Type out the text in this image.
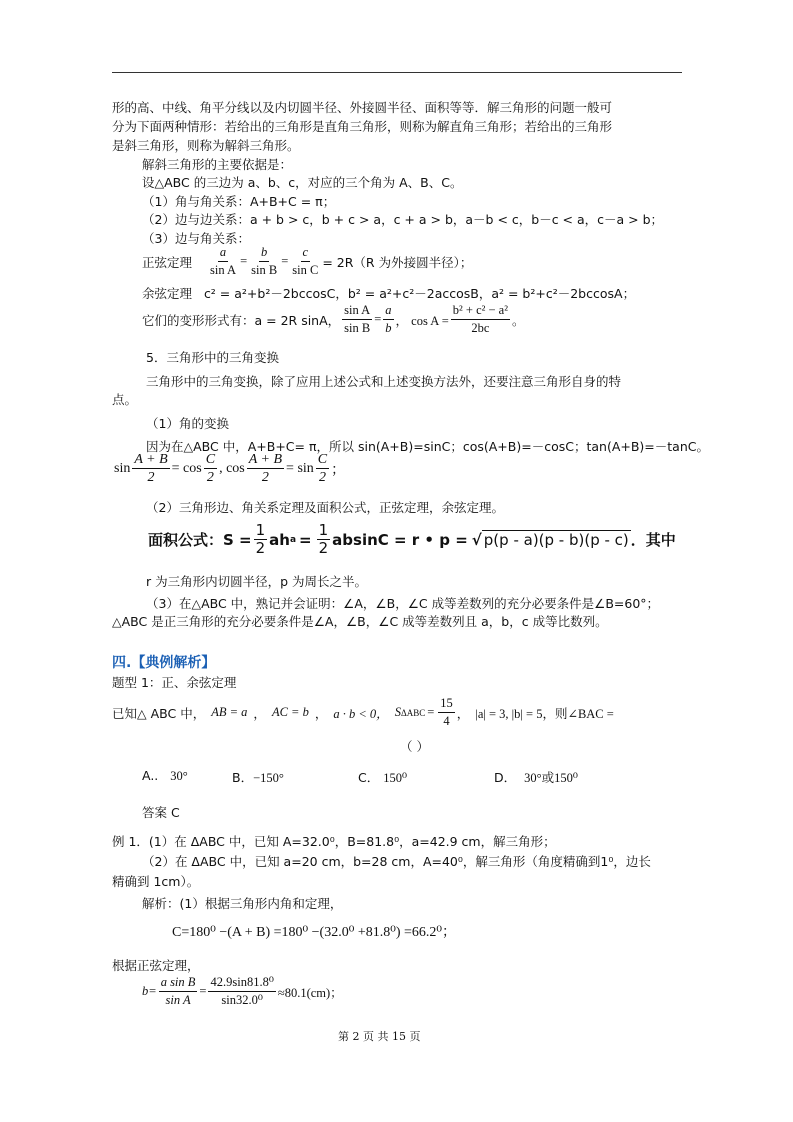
形的高、中线、角平分线以及内切圆半径、外接圆半径、面积等等．解三角形的问题一般可
分为下面两种情形：若给出的三角形是直角三角形，则称为解直角三角形；若给出的三角形
是斜三角形，则称为解斜三角形。
解斜三角形的主要依据是：
设△ABC 的三边为 a、b、c，对应的三个角为 A、B、C。
（1）角与角关系：A+B+C = π；
（2）边与边关系：a + b > c，b + c > a，c + a > b，a－b < c，b－c < a，c－a > b；
（3）边与角关系：
正弦定理 $\frac{a}{\text{sin A}} = \frac{b}{\text{sin B}} = \frac{c}{\text{sin C}} = 2R(R$ 为外接圆半径）；
余弦定理 c² = a²+b²－2bccosC，b² = a²+c²－2accosB，a² = b²+c²－2bccosA；
它们的变形形式有：a = 2R sinA， $\frac{\text{sin A}}{\text{sin B}} = \frac{a}{b}$ ， $\cos A = \frac{\text{b² + c² − a²}}{2bc}$ 。
5．三角形中的三角变换
三角形中的三角变换，除了应用上述公式和上述变换方法外，还要注意三角形自身的特
点。
（1）角的变换
因为在△ABC 中，A+B+C= π，所以 sin(A+B)=sinC；cos(A+B)=－cosC；tan(A+B)=－tanC。
$\sin \frac{A + B}{2} = \cos \frac{C}{2}$ , $\cos \frac{A + B}{2} = \sin \frac{C}{2}$ ；
（2）三角形边、角关系定理及面积公式，正弦定理，余弦定理。
面积公式：$S = \frac{1}{2}$ ah $a = \frac{1}{2}$ absinC = r • p = √ p(p - a)(p - b)(p - c) ．其中
r 为三角形内切圆半径，p 为周长之半。
（3）在△ABC 中，熟记并会证明：∠A，∠B，∠C 成等差数列的充分必要条件是∠B=60°；
△ABC 是正三角形的充分必要条件是∠A，∠B，∠C 成等差数列且 a，b，c 成等比数列。
四.【典例解析】
题型 1：正、余弦定理
已知△ ABC 中， AB = a ， AC = b ， a · b < 0， S $\Delta ABC = \frac{15}{4}$ ， |a| = 3, |b| = 5，则∠BAC =
（ ）
A.. 30°	B．−150°	C． 150⁰	D． 30°或150⁰
答案 C
例 1．(1）在 ΔABC 中，已知 A=32.0⁰，B=81.8⁰，a=42.9 cm，解三角形；
（2）在 ΔABC 中，已知 a=20 cm，b=28 cm，A=40⁰，解三角形（角度精确到1⁰，边长
精确到 1cm）。
解析：(1）根据三角形内角和定理，
C=180⁰ −(A + B) =180⁰ −(32.0⁰ +81.8⁰) =66.2⁰；
根据正弦定理，
$b= \frac{\text{a sin B}}{\text{sin A}} = \frac{\text{42.9sin81.8⁰}}{\text{sin32.0⁰}} \approx 80.1(cm)$；
第 2 页 共 15 页
